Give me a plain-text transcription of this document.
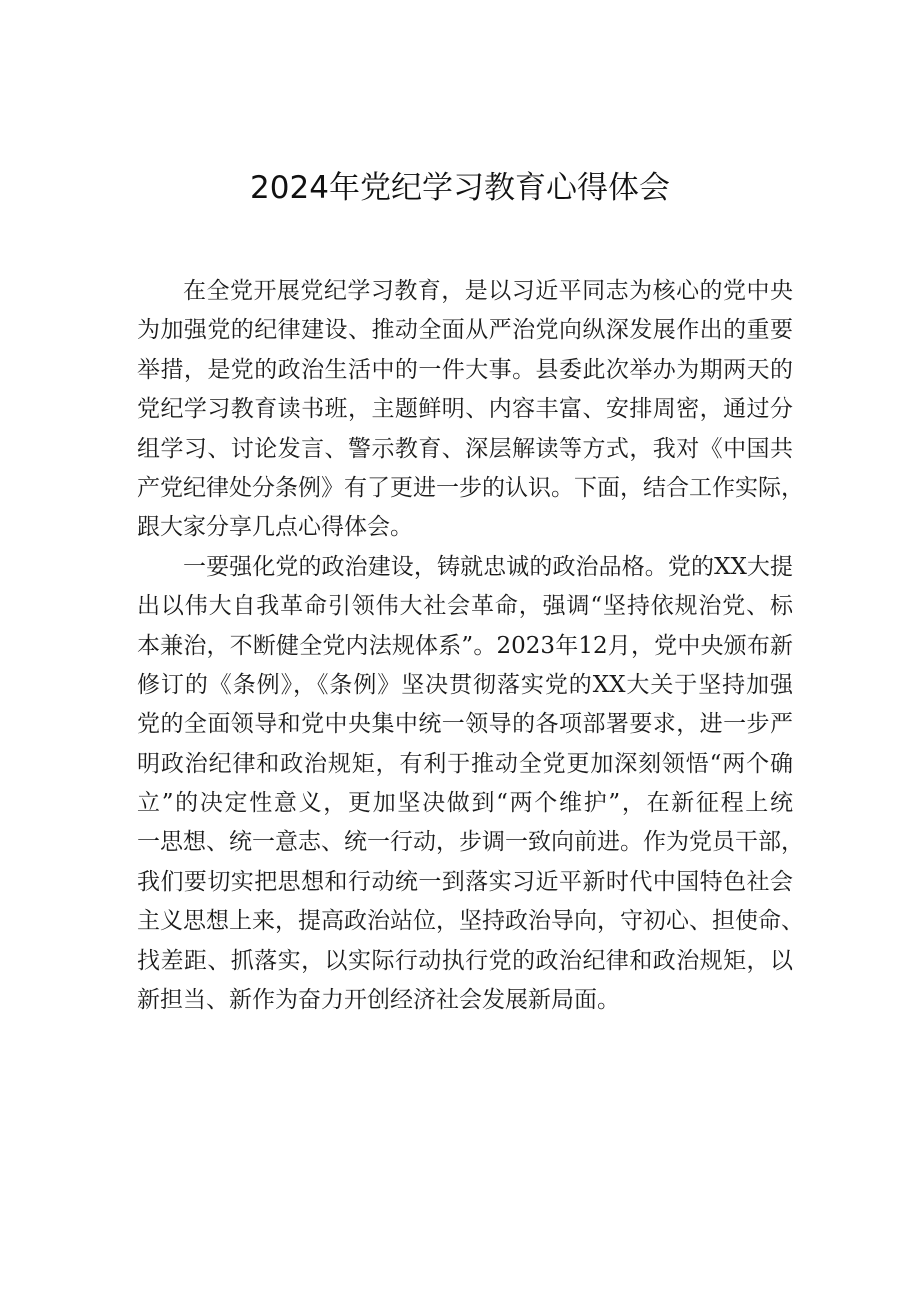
2024年党纪学习教育心得体会
在全党开展党纪学习教育，是以习近平同志为核心的党中央
为加强党的纪律建设、推动全面从严治党向纵深发展作出的重要
举措，是党的政治生活中的一件大事。县委此次举办为期两天的
党纪学习教育读书班，主题鲜明、内容丰富、安排周密，通过分
组学习、讨论发言、警示教育、深层解读等方式，我对《中国共
产党纪律处分条例》有了更进一步的认识。下面，结合工作实际，
跟大家分享几点心得体会。
一要强化党的政治建设，铸就忠诚的政治品格。党的XX大提
出以伟大自我革命引领伟大社会革命，强调“坚持依规治党、标
本兼治，不断健全党内法规体系”。2023年12月，党中央颁布新
修订的《条例》，《条例》坚决贯彻落实党的XX大关于坚持加强
党的全面领导和党中央集中统一领导的各项部署要求，进一步严
明政治纪律和政治规矩，有利于推动全党更加深刻领悟“两个确
立”的决定性意义，更加坚决做到“两个维护”，在新征程上统
一思想、统一意志、统一行动，步调一致向前进。作为党员干部，
我们要切实把思想和行动统一到落实习近平新时代中国特色社会
主义思想上来，提高政治站位，坚持政治导向，守初心、担使命、
找差距、抓落实，以实际行动执行党的政治纪律和政治规矩，以
新担当、新作为奋力开创经济社会发展新局面。
